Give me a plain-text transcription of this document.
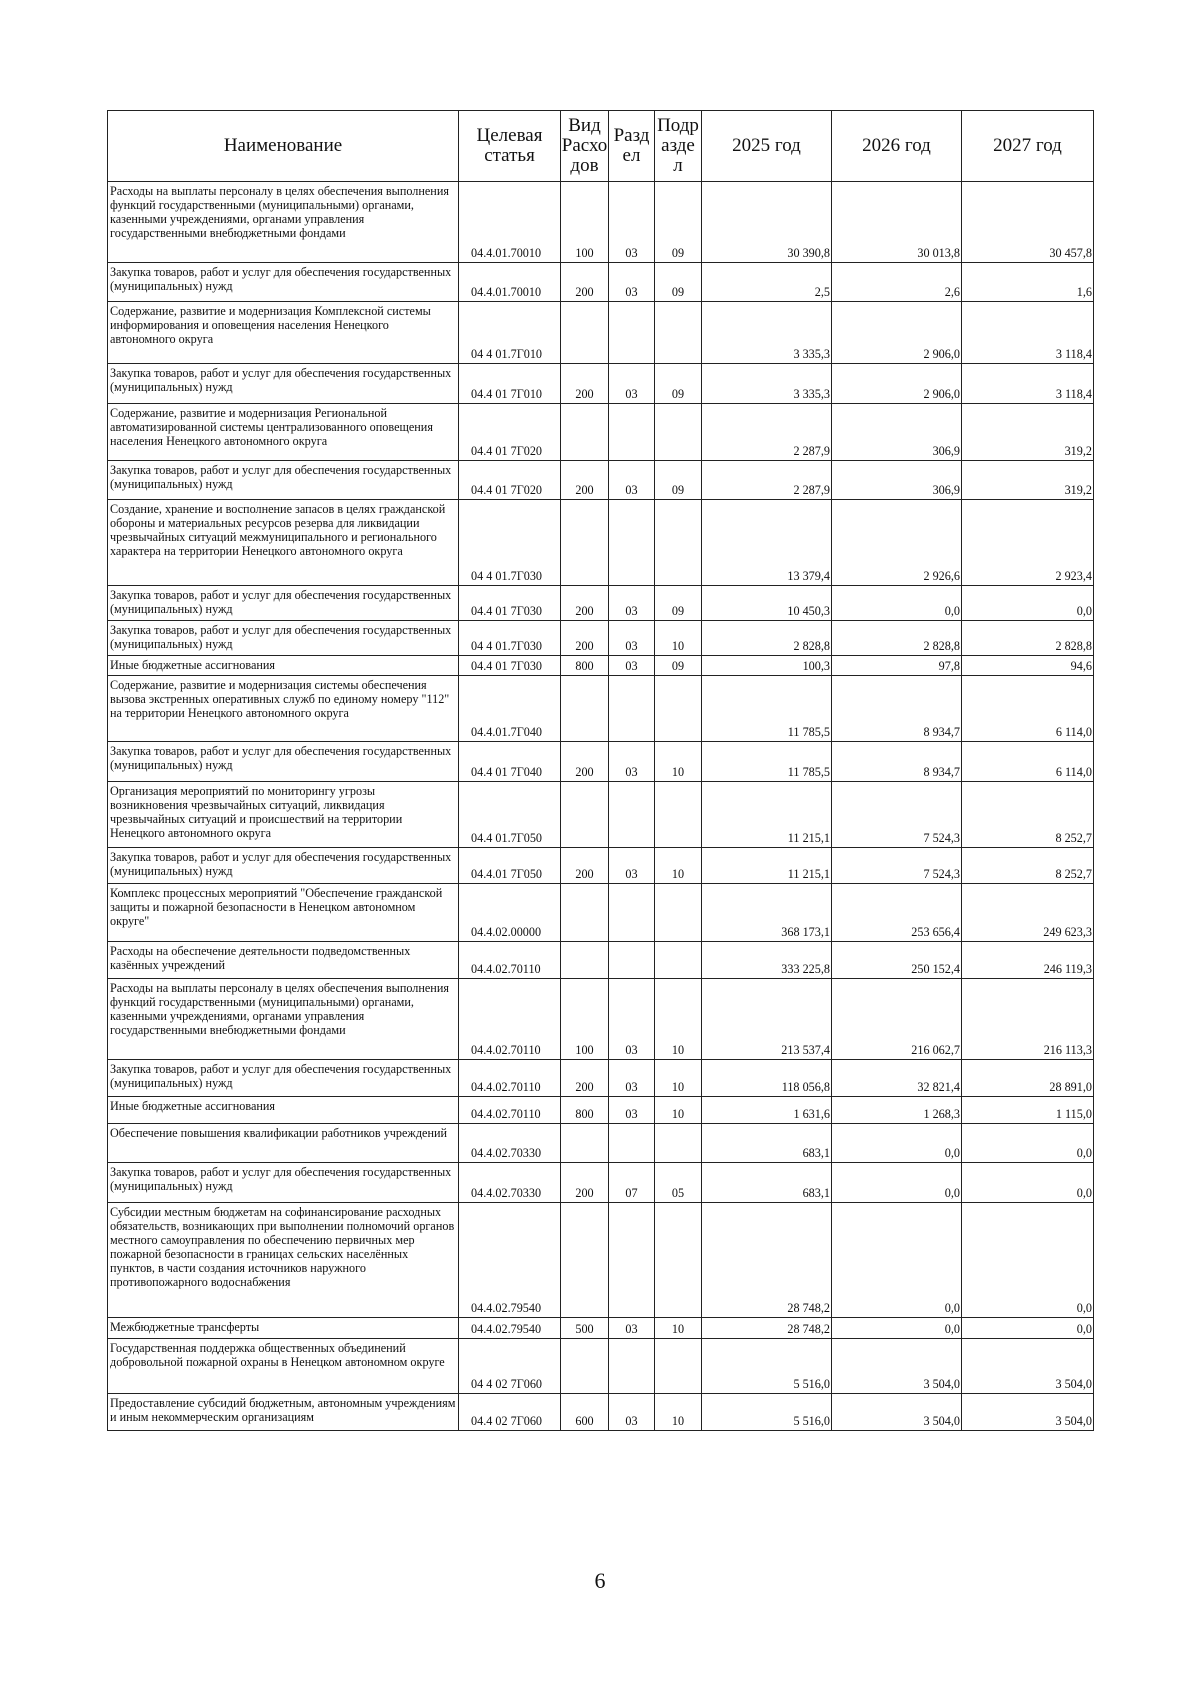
Наименование	Целевая статья	Вид Расхо дов	Разд ел	Подр азде л	2025 год	2026 год	2027 год
Расходы на выплаты персоналу в целях обеспечения выполнения функций государственными (муниципальными) органами, казенными учреждениями, органами управления государственными внебюджетными фондами	04.4.01.70010	100	03	09	30 390,8	30 013,8	30 457,8
Закупка товаров, работ и услуг для обеспечения государственных (муниципальных) нужд	04.4.01.70010	200	03	09	2,5	2,6	1,6
Содержание, развитие и модернизация Комплексной системы информирования и оповещения населения Ненецкого автономного округа	04 4 01.7Г010				3 335,3	2 906,0	3 118,4
Закупка товаров, работ и услуг для обеспечения государственных (муниципальных) нужд	04.4 01 7Г010	200	03	09	3 335,3	2 906,0	3 118,4
Содержание, развитие и модернизация Региональной автоматизированной системы централизованного оповещения населения Ненецкого автономного округа	04.4 01 7Г020				2 287,9	306,9	319,2
Закупка товаров, работ и услуг для обеспечения государственных (муниципальных) нужд	04.4 01 7Г020	200	03	09	2 287,9	306,9	319,2
Создание, хранение и восполнение запасов в целях гражданской обороны и материальных ресурсов резерва для ликвидации чрезвычайных ситуаций межмуниципального и регионального характера на территории Ненецкого автономного округа	04 4 01.7Г030				13 379,4	2 926,6	2 923,4
Закупка товаров, работ и услуг для обеспечения государственных (муниципальных) нужд	04.4 01 7Г030	200	03	09	10 450,3	0,0	0,0
Закупка товаров, работ и услуг для обеспечения государственных (муниципальных) нужд	04 4 01.7Г030	200	03	10	2 828,8	2 828,8	2 828,8
Иные бюджетные ассигнования	04.4 01 7Г030	800	03	09	100,3	97,8	94,6
Содержание, развитие и модернизация системы обеспечения вызова экстренных оперативных служб по единому номеру "112" на территории Ненецкого автономного округа	04.4.01.7Г040				11 785,5	8 934,7	6 114,0
Закупка товаров, работ и услуг для обеспечения государственных (муниципальных) нужд	04.4 01 7Г040	200	03	10	11 785,5	8 934,7	6 114,0
Организация мероприятий по мониторингу угрозы возникновения чрезвычайных ситуаций, ликвидация чрезвычайных ситуаций и происшествий на территории Ненецкого автономного округа	04.4 01.7Г050				11 215,1	7 524,3	8 252,7
Закупка товаров, работ и услуг для обеспечения государственных (муниципальных) нужд	04.4.01 7Г050	200	03	10	11 215,1	7 524,3	8 252,7
Комплекс процессных мероприятий "Обеспечение гражданской защиты и пожарной безопасности в Ненецком автономном округе"	04.4.02.00000				368 173,1	253 656,4	249 623,3
Расходы на обеспечение деятельности подведомственных казённых учреждений	04.4.02.70110				333 225,8	250 152,4	246 119,3
Расходы на выплаты персоналу в целях обеспечения выполнения функций государственными (муниципальными) органами, казенными учреждениями, органами управления государственными внебюджетными фондами	04.4.02.70110	100	03	10	213 537,4	216 062,7	216 113,3
Закупка товаров, работ и услуг для обеспечения государственных (муниципальных) нужд	04.4.02.70110	200	03	10	118 056,8	32 821,4	28 891,0
Иные бюджетные ассигнования	04.4.02.70110	800	03	10	1 631,6	1 268,3	1 115,0
Обеспечение повышения квалификации работников учреждений	04.4.02.70330				683,1	0,0	0,0
Закупка товаров, работ и услуг для обеспечения государственных (муниципальных) нужд	04.4.02.70330	200	07	05	683,1	0,0	0,0
Субсидии местным бюджетам на софинансирование расходных обязательств, возникающих при выполнении полномочий органов местного самоуправления по обеспечению первичных мер пожарной безопасности в границах сельских населённых пунктов, в части создания источников наружного противопожарного водоснабжения	04.4.02.79540				28 748,2	0,0	0,0
Межбюджетные трансферты	04.4.02.79540	500	03	10	28 748,2	0,0	0,0
Государственная поддержка общественных объединений добровольной пожарной охраны в Ненецком автономном округе	04 4 02 7Г060				5 516,0	3 504,0	3 504,0
Предоставление субсидий бюджетным, автономным учреждениям и иным некоммерческим организациям	04.4 02 7Г060	600	03	10	5 516,0	3 504,0	3 504,0
6
